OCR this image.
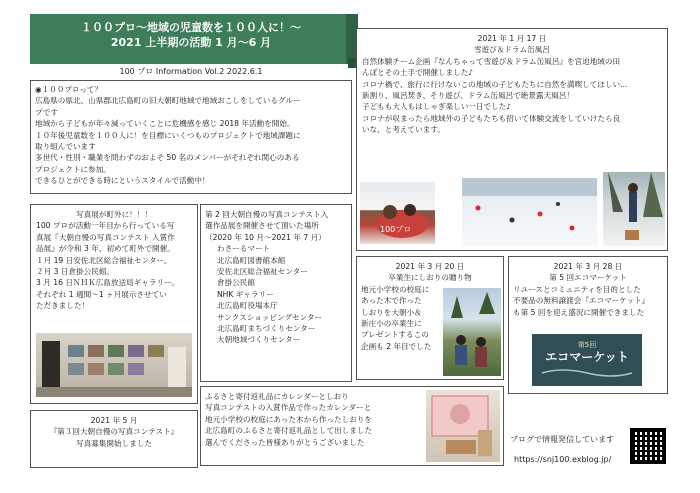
１００プロ～地域の児童数を１００人に！～
2021 上半期の活動 1 月～6 月
100 プロ Information Vol.2 2022.6.1
◉１００プロって？
広島県の県北、山県郡北広島町の旧大朝町地域で地域おこしをしているグルー
プです
地域から子どもが年々減っていくことに危機感を感じ 2018 年活動を開始。
１０年後児童数を１００人に！を目標にいくつものプロジェクトで地域課題に
取り組んでいます
多世代・性別・職業を問わずのおよそ 50 名のメンバーがそれぞれ関心のある
プロジェクトに参加。
できるひとができる時にというスタイルで活動中！
2021 年 1 月 17 日
雪遊び＆ドラム缶風呂
自然体験チーム企画『なんちゃって雪遊び＆ドラム缶風呂』を宮迫地域の田
んぼとその土手で開催しました♪
コロナ禍で、旅行に行けないこの地域の子どもたちに自然を満喫してほしい…
新割り、風呂焚き、そり遊び、ドラム缶風呂で絶景露天風呂！
子どもも大人もはしゃぎ楽しい一日でした♪
コロナが収まったら地域外の子どもたちも招いて体験交流をしていけたら良
いな、と考えています。
100プロ
写真展が町外に！！！
100 プロが活動一年目から行っている写
真展『大朝自慢の写真コンテスト 入賞作
品展』が令和 3 年、初めて町外で開催。
１月 19 日安佐北区総合福祉センター。
２月 3 日倉掛公民館。
3 月 16 日ＮＨＫ広島放送局ギャラリー。
それぞれ 1 週間～1 ヶ月展示させてい
ただきました！
第 2 回大朝自慢の写真コンテスト入
選作品展を開催させて頂いた場所
（2020 年 10 月～2021 年 7 月）
わさーるマート
北広島町図書館本館
安佐北区総合福祉センター
倉掛公民館
NHK ギャラリー
北広島町役場本庁
サンクスショッピングセンター
北広島町まちづくりセンター
大朝地域づくりセンター
2021 年 3 月 20 日
卒業生にしおりの贈り物
地元小学校の校庭に
あった木で作った
しおりを大朝小＆
新庄小の卒業生に
プレゼントするこの
企画も 2 年目でした
2021 年 3 月 28 日
第 5 回エコマーケット
リユースとコミュニティを目的とした
不要品の無料譲渡会『エコマーケット』
も第 5 回を迎え盛況に開催できました
第5回
エコマーケット
2021 年 5 月
『第３回大朝自慢の写真コンテスト』
写真募集開始しました
ふるさと寄付返礼品にカレンダーとしおり
写真コンテストの入賞作品で作ったカレンダーと
地元小学校の校庭にあった木から作ったしおりを
北広島町のふるさと寄付返礼品として出しました
選んでくださった皆様ありがとうございました	ブログで情報発信しています
https://snj100.exblog.jp/
